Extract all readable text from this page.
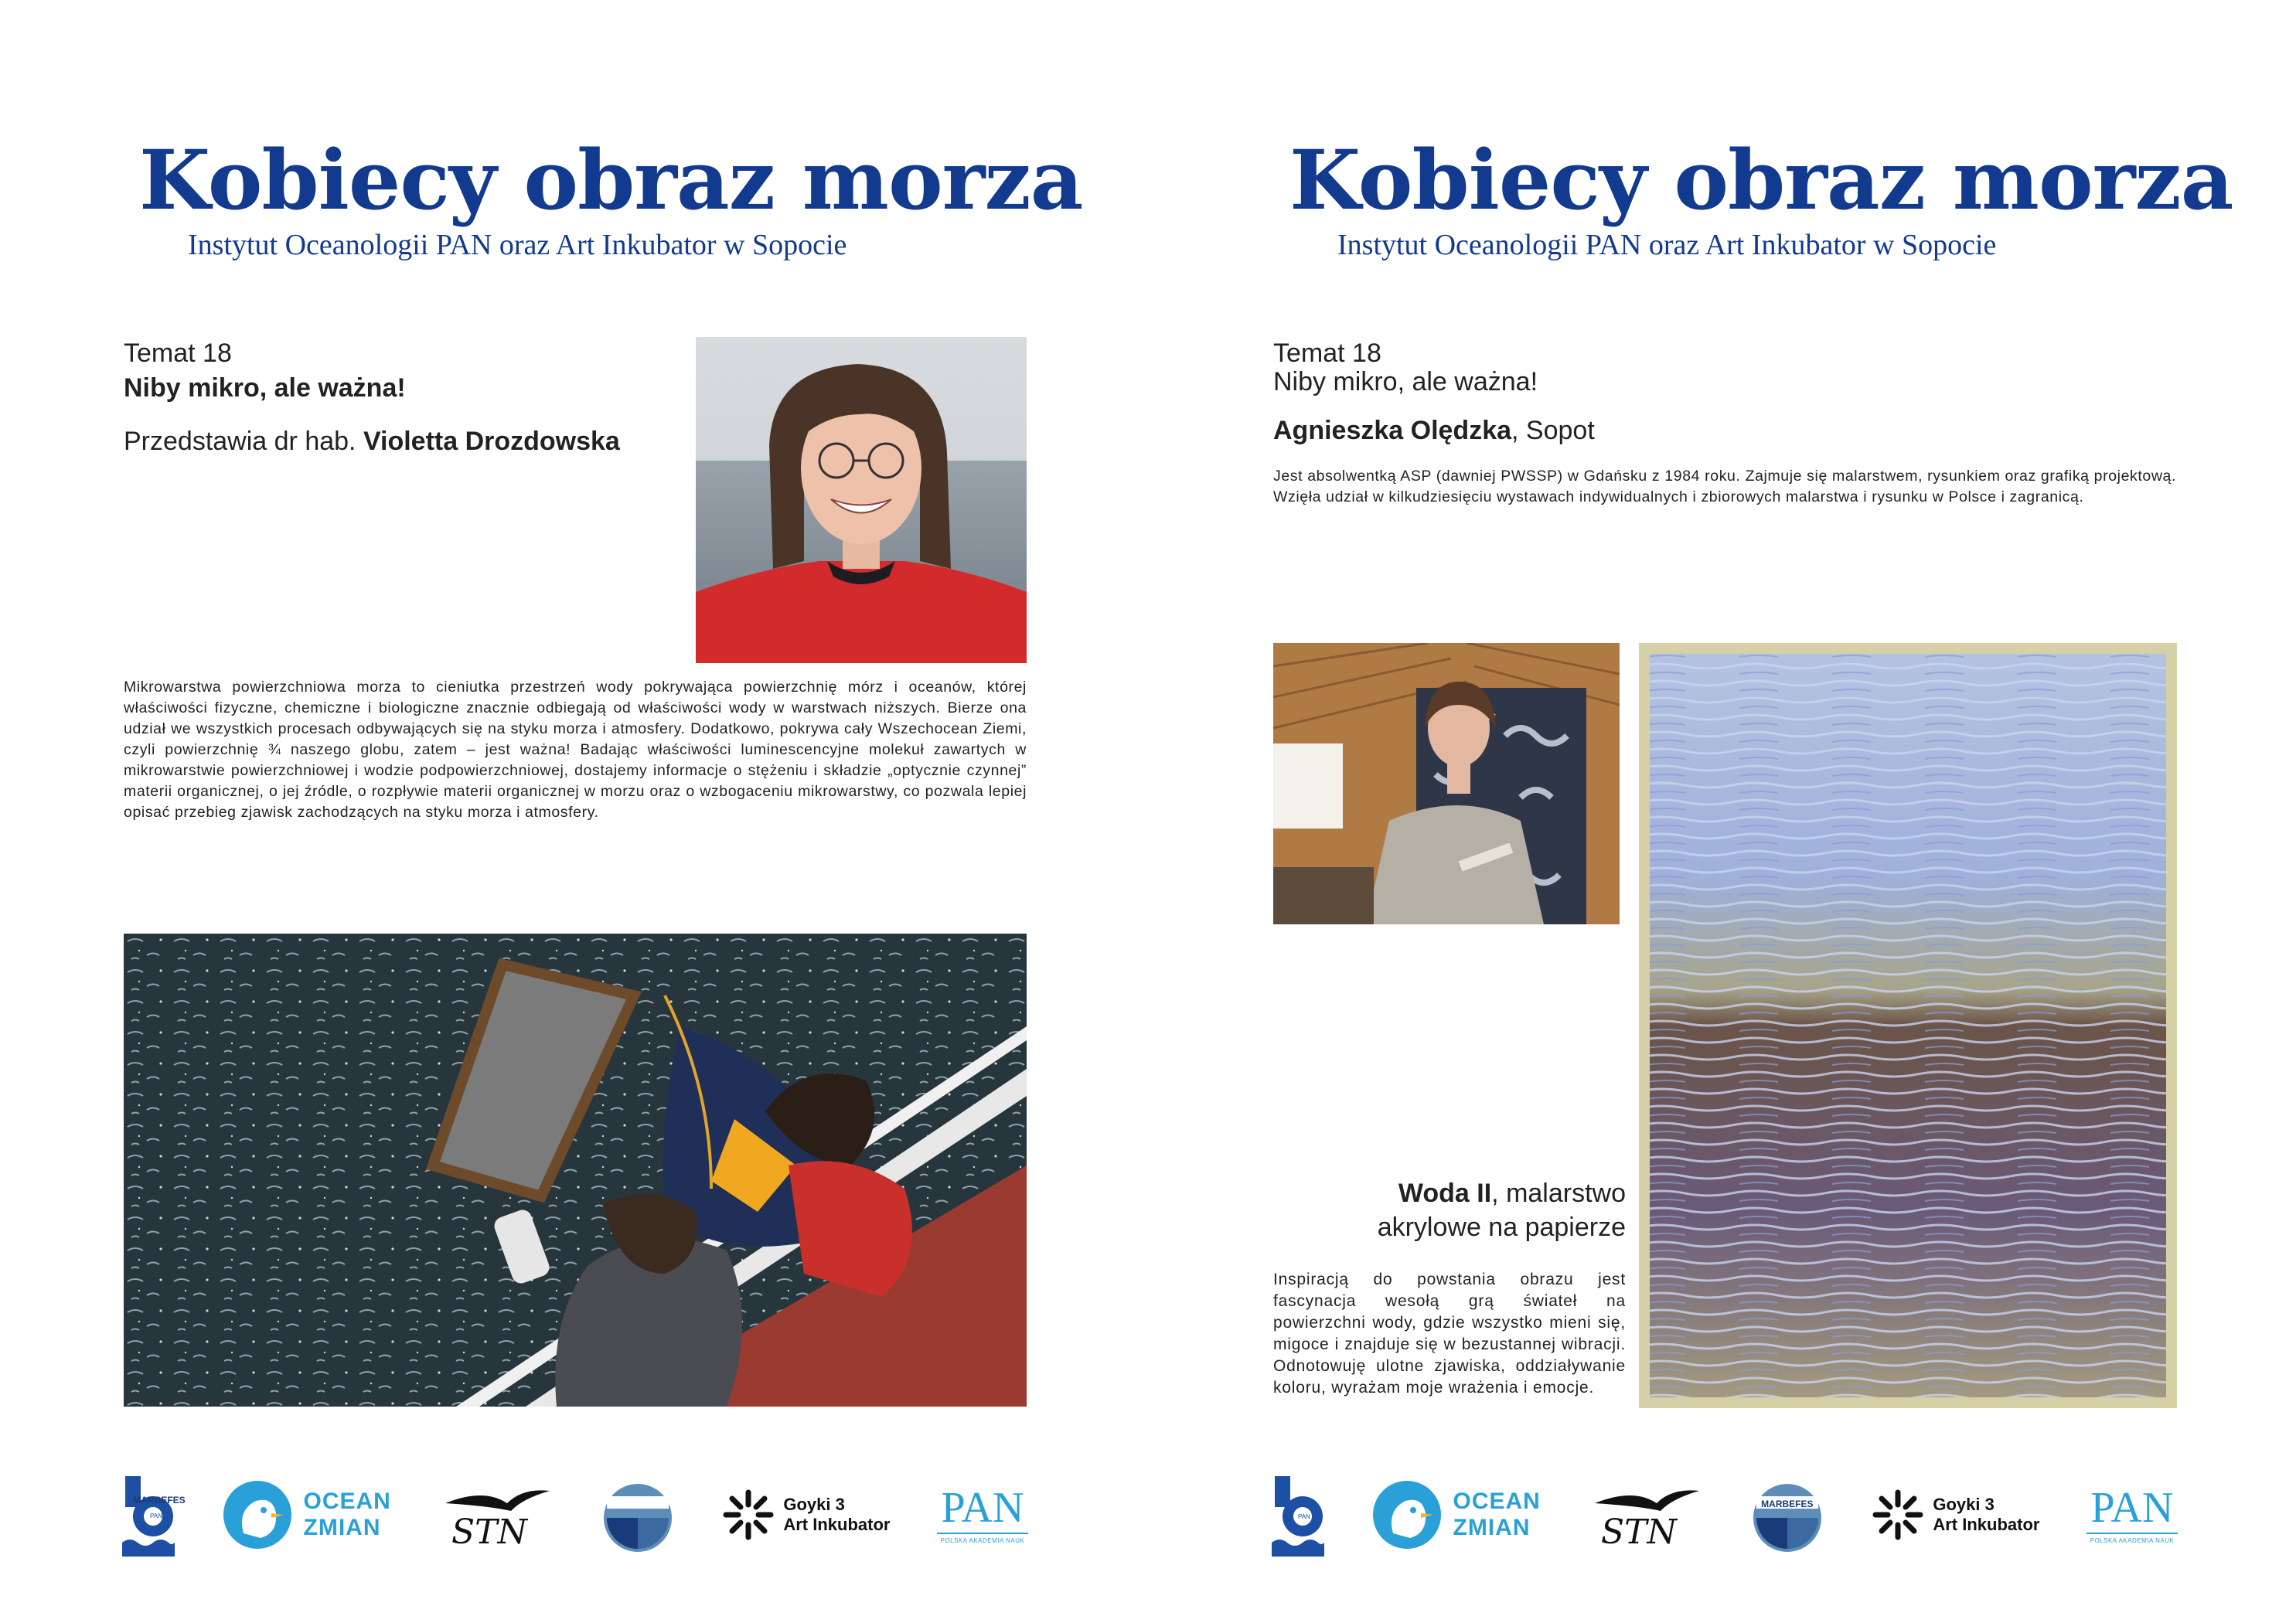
Kobiecy obraz morza
Instytut Oceanologii PAN oraz Art Inkubator w Sopocie
Temat 18
Niby mikro, ale ważna!
Przedstawia dr hab. Violetta Drozdowska
Mikrowarstwa powierzchniowa morza to cieniutka przestrzeń wody pokrywająca powierzchnię mórz i oceanów, której właściwości fizyczne, chemiczne i biologiczne znacznie odbiegają od właściwości wody w warstwach niższych. Bierze ona udział we wszystkich procesach odbywających się na styku morza i atmosfery. Dodatkowo, pokrywa cały Wszechocean Ziemi, czyli powierzchnię ¾ naszego globu, zatem – jest ważna! Badając właściwości luminescencyjne molekuł zawartych w mikrowarstwie powierzchniowej i wodzie podpowierzchniowej, dostajemy informacje o stężeniu i składzie „optycznie czynnej” materii organicznej, o jej źródle, o rozpływie materii organicznej w morzu oraz o wzbogaceniu mikrowarstwy, co pozwala lepiej opisać przebieg zjawisk zachodzących na styku morza i atmosfery.
PAN
OCEAN
ZMIAN	STN
MARBEFES	Goyki 3
Art Inkubator PAN
POLSKA AKADEMIA NAUK
Kobiecy obraz morza
Instytut Oceanologii PAN oraz Art Inkubator w Sopocie
Temat 18
Niby mikro, ale ważna!
Agnieszka Olędzka, Sopot
Jest absolwentką ASP (dawniej PWSSP) w Gdańsku z 1984 roku. Zajmuje się malarstwem, rysunkiem oraz grafiką projektową. Wzięła udział w kilkudziesięciu wystawach indywidualnych i zbiorowych malarstwa i rysunku w Polsce i zagranicą.
Woda II, malarstwo
akrylowe na papierze
Inspiracją do powstania obrazu jest fascynacja wesołą grą świateł na powierzchni wody, gdzie wszystko mieni się, migoce i znajduje się w bezustannej wibracji. Odnotowuję ulotne zjawiska, oddziaływanie koloru, wyrażam moje wrażenia i emocje.
PAN
OCEAN
ZMIAN	STN
MARBEFES	Goyki 3
Art Inkubator PAN
POLSKA AKADEMIA NAUK
